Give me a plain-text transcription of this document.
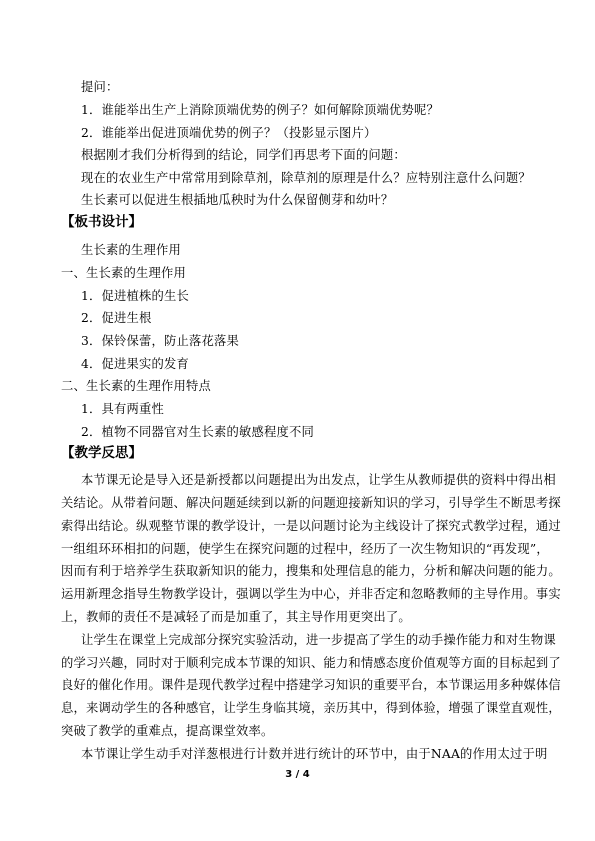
提问：
1．谁能举出生产上消除顶端优势的例子？如何解除顶端优势呢？
2．谁能举出促进顶端优势的例子？（投影显示图片）
根据刚才我们分析得到的结论，同学们再思考下面的问题：
现在的农业生产中常常用到除草剂，除草剂的原理是什么？应特别注意什么问题？
生长素可以促进生根插地瓜秧时为什么保留侧芽和幼叶？
【板书设计】
生长素的生理作用
一、生长素的生理作用
1．促进植株的生长
2．促进生根
3．保铃保蕾，防止落花落果
4．促进果实的发育
二、生长素的生理作用特点
1．具有两重性
2．植物不同器官对生长素的敏感程度不同
【教学反思】
本节课无论是导入还是新授都以问题提出为出发点，让学生从教师提供的资料中得出相
关结论。从带着问题、解决问题延续到以新的问题迎接新知识的学习，引导学生不断思考探
索得出结论。纵观整节课的教学设计，一是以问题讨论为主线设计了探究式教学过程，通过
一组组环环相扣的问题，使学生在探究问题的过程中，经历了一次生物知识的“再发现”，
因而有利于培养学生获取新知识的能力，搜集和处理信息的能力，分析和解决问题的能力。
运用新理念指导生物教学设计，强调以学生为中心，并非否定和忽略教师的主导作用。事实
上，教师的责任不是减轻了而是加重了，其主导作用更突出了。
让学生在课堂上完成部分探究实验活动，进一步提高了学生的动手操作能力和对生物课
的学习兴趣，同时对于顺利完成本节课的知识、能力和情感态度价值观等方面的目标起到了
良好的催化作用。课件是现代教学过程中搭建学习知识的重要平台，本节课运用多种媒体信
息，来调动学生的各种感官，让学生身临其境，亲历其中，得到体验，增强了课堂直观性，
突破了教学的重难点，提高课堂效率。
本节课让学生动手对洋葱根进行计数并进行统计的环节中，由于NAA的作用太过于明
3 / 4
